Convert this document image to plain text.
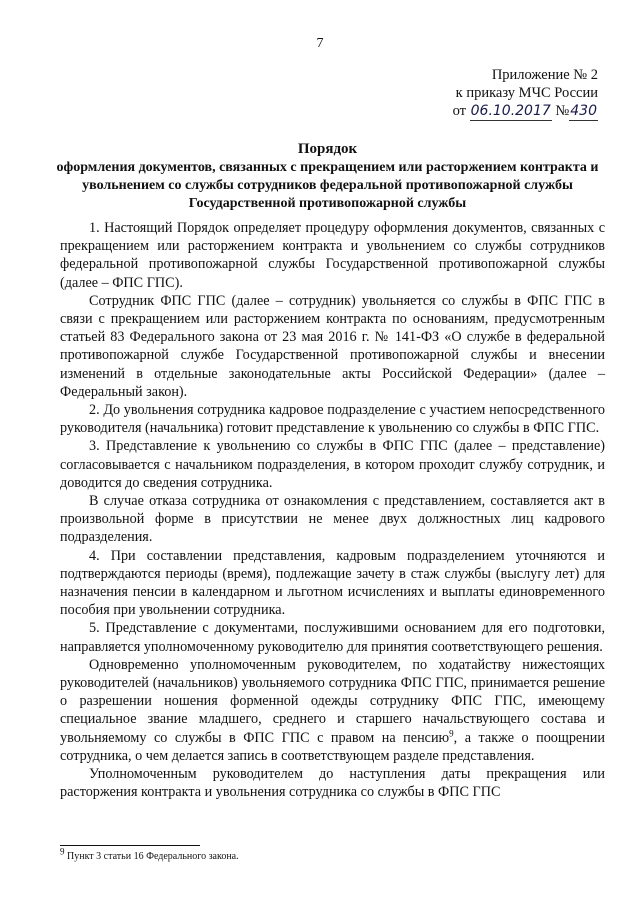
7
Приложение № 2
к приказу МЧС России
от 06.10.2017 №430
Порядок
оформления документов, связанных с прекращением или расторжением контракта и увольнением со службы сотрудников федеральной противопожарной службы Государственной противопожарной службы

1. Настоящий Порядок определяет процедуру оформления документов, связанных с прекращением или расторжением контракта и увольнением со службы сотрудников федеральной противопожарной службы Государственной противопожарной службы (далее – ФПС ГПС).

Сотрудник ФПС ГПС (далее – сотрудник) увольняется со службы в ФПС ГПС в связи с прекращением или расторжением контракта по основаниям, предусмотренным статьей 83 Федерального закона от 23 мая 2016 г. № 141-ФЗ «О службе в федеральной противопожарной службе Государственной противопожарной службы и внесении изменений в отдельные законодательные акты Российской Федерации» (далее – Федеральный закон).

2. До увольнения сотрудника кадровое подразделение с участием непосредственного руководителя (начальника) готовит представление к увольнению со службы в ФПС ГПС.

3. Представление к увольнению со службы в ФПС ГПС (далее – представление) согласовывается с начальником подразделения, в котором проходит службу сотрудник, и доводится до сведения сотрудника.

В случае отказа сотрудника от ознакомления с представлением, составляется акт в произвольной форме в присутствии не менее двух должностных лиц кадрового подразделения.

4. При составлении представления, кадровым подразделением уточняются и подтверждаются периоды (время), подлежащие зачету в стаж службы (выслугу лет) для назначения пенсии в календарном и льготном исчислениях и выплаты единовременного пособия при увольнении сотрудника.

5. Представление с документами, послужившими основанием для его подготовки, направляется уполномоченному руководителю для принятия соответствующего решения.

Одновременно уполномоченным руководителем, по ходатайству нижестоящих руководителей (начальников) увольняемого сотрудника ФПС ГПС, принимается решение о разрешении ношения форменной одежды сотруднику ФПС ГПС, имеющему специальное звание младшего, среднего и старшего начальствующего состава и увольняемому со службы в ФПС ГПС с правом на пенсию$^9$, а также о поощрении сотрудника, о чем делается запись в соответствующем разделе представления.

Уполномоченным руководителем до наступления даты прекращения или расторжения контракта и увольнения сотрудника со службы в ФПС ГПС

$^9$ Пункт 3 статьи 16 Федерального закона.
